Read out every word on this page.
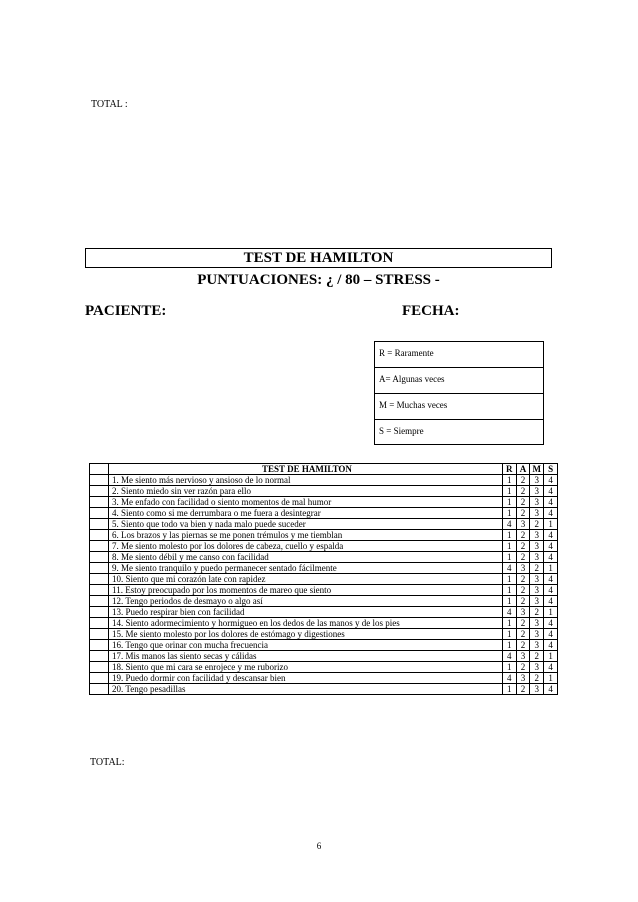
TOTAL :
TEST DE HAMILTON
PUNTUACIONES: ¿ / 80 – STRESS -
PACIENTE:	FECHA:
R = Raramente
A= Algunas veces
M = Muchas veces
S = Siempre
	TEST DE HAMILTON	R	A	M	S
	1. Me siento más nervioso y ansioso de lo normal	1	2	3	4
	2. Siento miedo sin ver razón para ello	1	2	3	4
	3. Me enfado con facilidad o siento momentos de mal humor	1	2	3	4
	4. Siento como si me derrumbara o me fuera a desintegrar	1	2	3	4
	5. Siento que todo va bien y nada malo puede suceder	4	3	2	1
	6. Los brazos y las piernas se me ponen trémulos y me tiemblan	1	2	3	4
	7. Me siento molesto por los dolores de cabeza, cuello y espalda	1	2	3	4
	8. Me siento débil y me canso con facilidad	1	2	3	4
	9. Me siento tranquilo y puedo permanecer sentado fácilmente	4	3	2	1
	10. Siento que mi corazón late con rapidez	1	2	3	4
	11. Estoy preocupado por los momentos de mareo que siento	1	2	3	4
	12. Tengo periodos de desmayo o algo así	1	2	3	4
	13. Puedo respirar bien con facilidad	4	3	2	1
	14. Siento adormecimiento y hormigueo en los dedos de las manos y de los pies	1	2	3	4
	15. Me siento molesto por los dolores de estómago y digestiones	1	2	3	4
	16. Tengo que orinar con mucha frecuencia	1	2	3	4
	17. Mis manos las siento secas y cálidas	4	3	2	1
	18. Siento que mi cara se enrojece y me ruborizo	1	2	3	4
	19. Puedo dormir con facilidad y descansar bien	4	3	2	1
	20. Tengo pesadillas	1	2	3	4
TOTAL:
6
